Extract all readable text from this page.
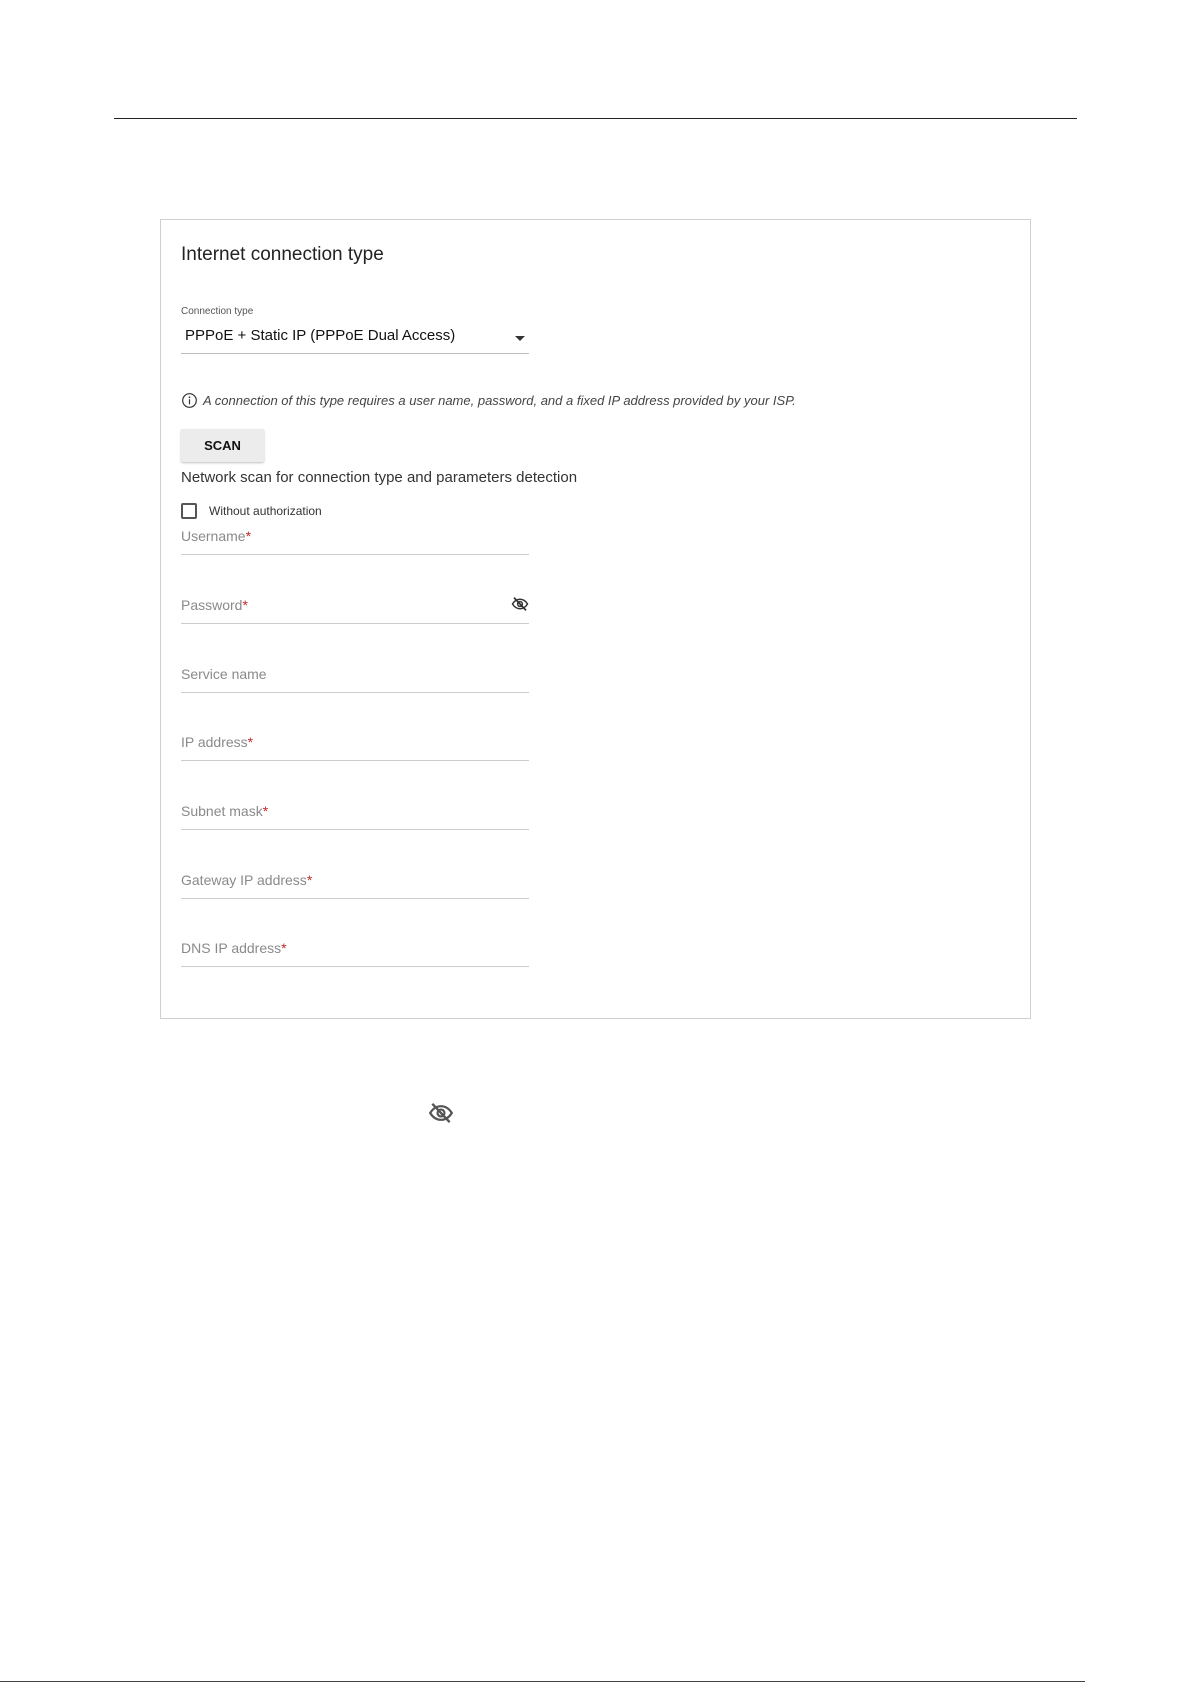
Internet connection type
Connection type
PPPoE + Static IP (PPPoE Dual Access)
A connection of this type requires a user name, password, and a fixed IP address provided by your ISP.
SCAN
Network scan for connection type and parameters detection
Without authorization
Username*
Password*
Service name
IP address*
Subnet mask*
Gateway IP address*
DNS IP address*
